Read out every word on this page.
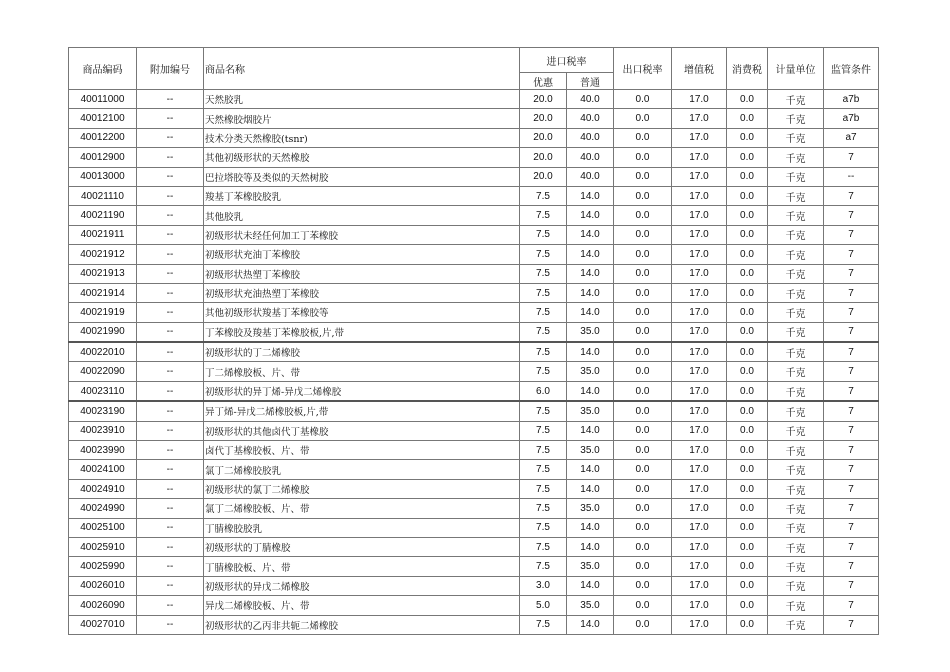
商品编码	附加编号	商品名称	进口税率		出口税率	增值税	消费税	计量单位	监管条件
			优惠	普通					
40011000	--	天然胶乳	20.0	40.0	0.0	17.0	0.0	千克	a7b
40012100	--	天然橡胶烟胶片	20.0	40.0	0.0	17.0	0.0	千克	a7b
40012200	--	技术分类天然橡胶(tsnr)	20.0	40.0	0.0	17.0	0.0	千克	a7
40012900	--	其他初级形状的天然橡胶	20.0	40.0	0.0	17.0	0.0	千克	7
40013000	--	巴拉塔胶等及类似的天然树胶	20.0	40.0	0.0	17.0	0.0	千克	--
40021110	--	羧基丁苯橡胶胶乳	7.5	14.0	0.0	17.0	0.0	千克	7
40021190	--	其他胶乳	7.5	14.0	0.0	17.0	0.0	千克	7
40021911	--	初级形状未经任何加工丁苯橡胶	7.5	14.0	0.0	17.0	0.0	千克	7
40021912	--	初级形状充油丁苯橡胶	7.5	14.0	0.0	17.0	0.0	千克	7
40021913	--	初级形状热塑丁苯橡胶	7.5	14.0	0.0	17.0	0.0	千克	7
40021914	--	初级形状充油热塑丁苯橡胶	7.5	14.0	0.0	17.0	0.0	千克	7
40021919	--	其他初级形状羧基丁苯橡胶等	7.5	14.0	0.0	17.0	0.0	千克	7
40021990	--	丁苯橡胶及羧基丁苯橡胶板,片,带	7.5	35.0	0.0	17.0	0.0	千克	7
40022010	--	初级形状的丁二烯橡胶	7.5	14.0	0.0	17.0	0.0	千克	7
40022090	--	丁二烯橡胶板、片、带	7.5	35.0	0.0	17.0	0.0	千克	7
40023110	--	初级形状的异丁烯-异戊二烯橡胶	6.0	14.0	0.0	17.0	0.0	千克	7
40023190	--	异丁烯-异戊二烯橡胶板,片,带	7.5	35.0	0.0	17.0	0.0	千克	7
40023910	--	初级形状的其他卤代丁基橡胶	7.5	14.0	0.0	17.0	0.0	千克	7
40023990	--	卤代丁基橡胶板、片、带	7.5	35.0	0.0	17.0	0.0	千克	7
40024100	--	氯丁二烯橡胶胶乳	7.5	14.0	0.0	17.0	0.0	千克	7
40024910	--	初级形状的氯丁二烯橡胶	7.5	14.0	0.0	17.0	0.0	千克	7
40024990	--	氯丁二烯橡胶板、片、带	7.5	35.0	0.0	17.0	0.0	千克	7
40025100	--	丁腈橡胶胶乳	7.5	14.0	0.0	17.0	0.0	千克	7
40025910	--	初级形状的丁腈橡胶	7.5	14.0	0.0	17.0	0.0	千克	7
40025990	--	丁腈橡胶板、片、带	7.5	35.0	0.0	17.0	0.0	千克	7
40026010	--	初级形状的异戊二烯橡胶	3.0	14.0	0.0	17.0	0.0	千克	7
40026090	--	异戊二烯橡胶板、片、带	5.0	35.0	0.0	17.0	0.0	千克	7
40027010	--	初级形状的乙丙非共轭二烯橡胶	7.5	14.0	0.0	17.0	0.0	千克	7
